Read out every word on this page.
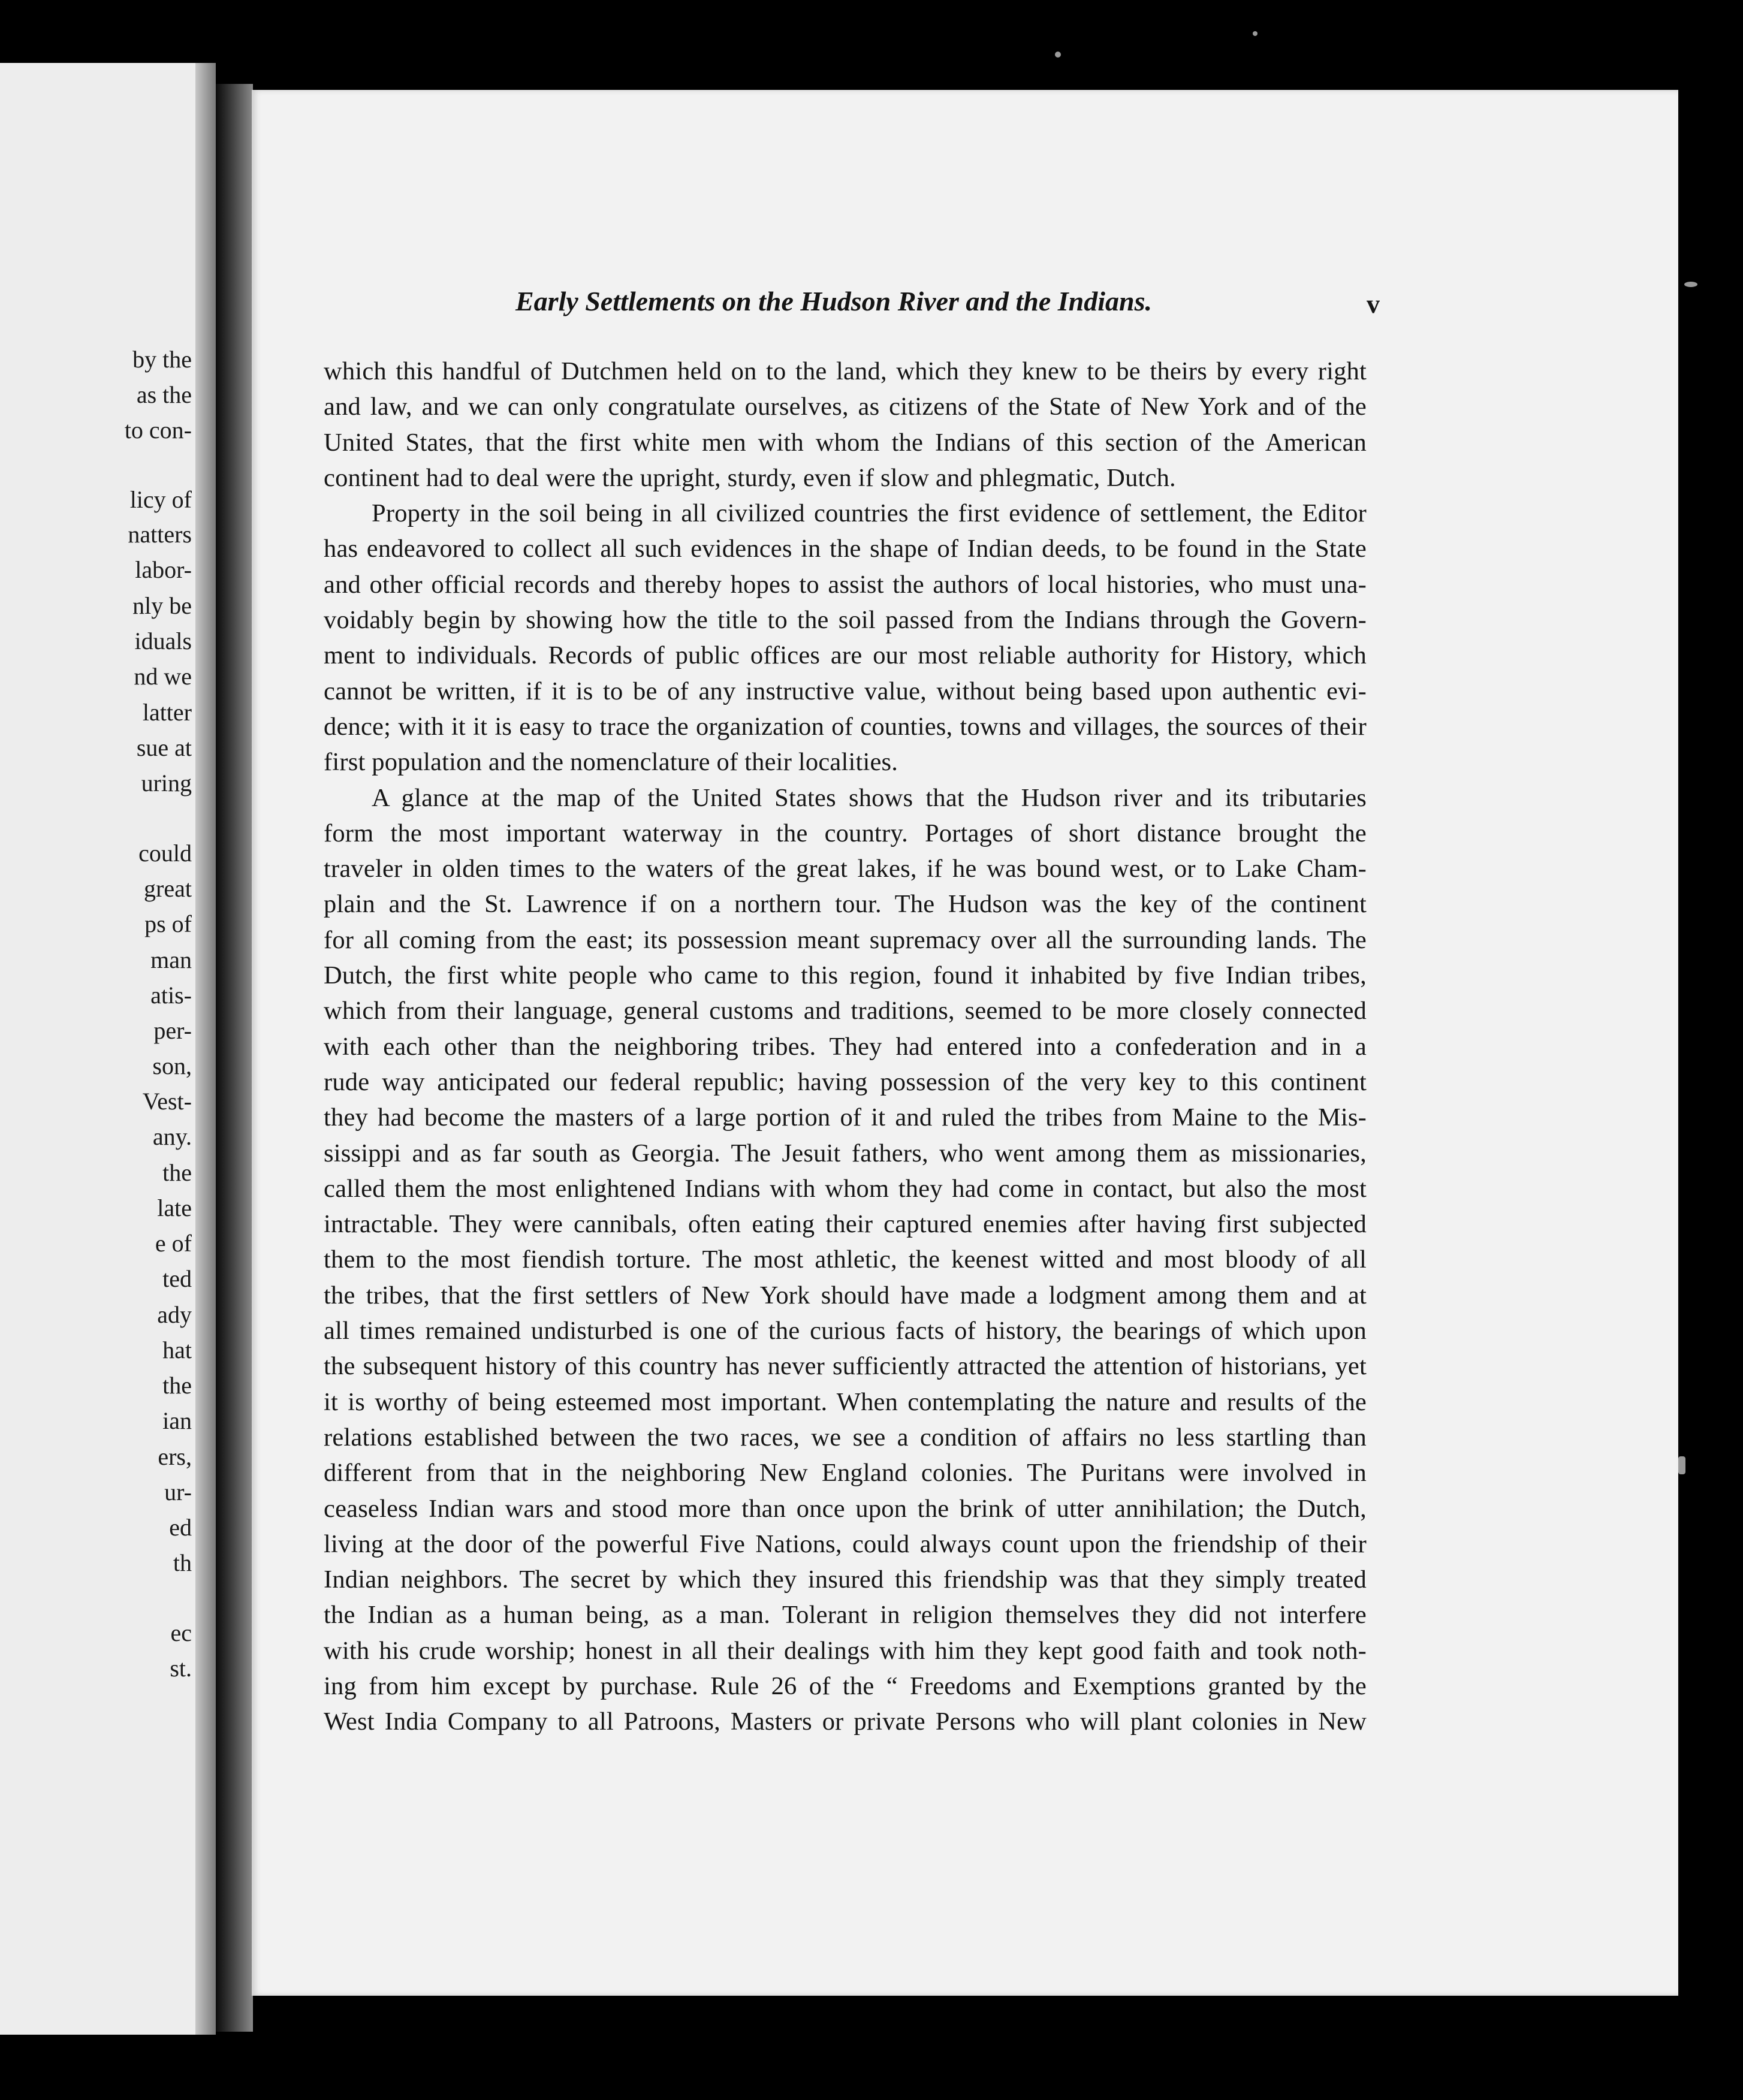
by the
as the
to con-
licy of
natters
labor-
nly be
iduals
nd we
latter
sue at
uring
could
great
ps of
man
atis-
per-
son,
Vest-
any.
the
late
e of
ted
ady
hat
the
ian
ers,
ur-
ed
th
ec
st.
Early Settlements on the Hudson River and the Indians.	v
which this handful of Dutchmen held on to the land, which they knew to be theirs by every right
and law, and we can only congratulate ourselves, as citizens of the State of New York and of the
United States, that the first white men with whom the Indians of this section of the American
continent had to deal were the upright, sturdy, even if slow and phlegmatic, Dutch.
Property in the soil being in all civilized countries the first evidence of settlement, the Editor
has endeavored to collect all such evidences in the shape of Indian deeds, to be found in the State
and other official records and thereby hopes to assist the authors of local histories, who must una-
voidably begin by showing how the title to the soil passed from the Indians through the Govern-
ment to individuals. Records of public offices are our most reliable authority for History, which
cannot be written, if it is to be of any instructive value, without being based upon authentic evi-
dence; with it it is easy to trace the organization of counties, towns and villages, the sources of their
first population and the nomenclature of their localities.
A glance at the map of the United States shows that the Hudson river and its tributaries
form the most important waterway in the country. Portages of short distance brought the
traveler in olden times to the waters of the great lakes, if he was bound west, or to Lake Cham-
plain and the St. Lawrence if on a northern tour. The Hudson was the key of the continent
for all coming from the east; its possession meant supremacy over all the surrounding lands. The
Dutch, the first white people who came to this region, found it inhabited by five Indian tribes,
which from their language, general customs and traditions, seemed to be more closely connected
with each other than the neighboring tribes. They had entered into a confederation and in a
rude way anticipated our federal republic; having possession of the very key to this continent
they had become the masters of a large portion of it and ruled the tribes from Maine to the Mis-
sissippi and as far south as Georgia. The Jesuit fathers, who went among them as missionaries,
called them the most enlightened Indians with whom they had come in contact, but also the most
intractable. They were cannibals, often eating their captured enemies after having first subjected
them to the most fiendish torture. The most athletic, the keenest witted and most bloody of all
the tribes, that the first settlers of New York should have made a lodgment among them and at
all times remained undisturbed is one of the curious facts of history, the bearings of which upon
the subsequent history of this country has never sufficiently attracted the attention of historians, yet
it is worthy of being esteemed most important. When contemplating the nature and results of the
relations established between the two races, we see a condition of affairs no less startling than
different from that in the neighboring New England colonies. The Puritans were involved in
ceaseless Indian wars and stood more than once upon the brink of utter annihilation; the Dutch,
living at the door of the powerful Five Nations, could always count upon the friendship of their
Indian neighbors. The secret by which they insured this friendship was that they simply treated
the Indian as a human being, as a man. Tolerant in religion themselves they did not interfere
with his crude worship; honest in all their dealings with him they kept good faith and took noth-
ing from him except by purchase. Rule 26 of the “ Freedoms and Exemptions granted by the
West India Company to all Patroons, Masters or private Persons who will plant colonies in New
